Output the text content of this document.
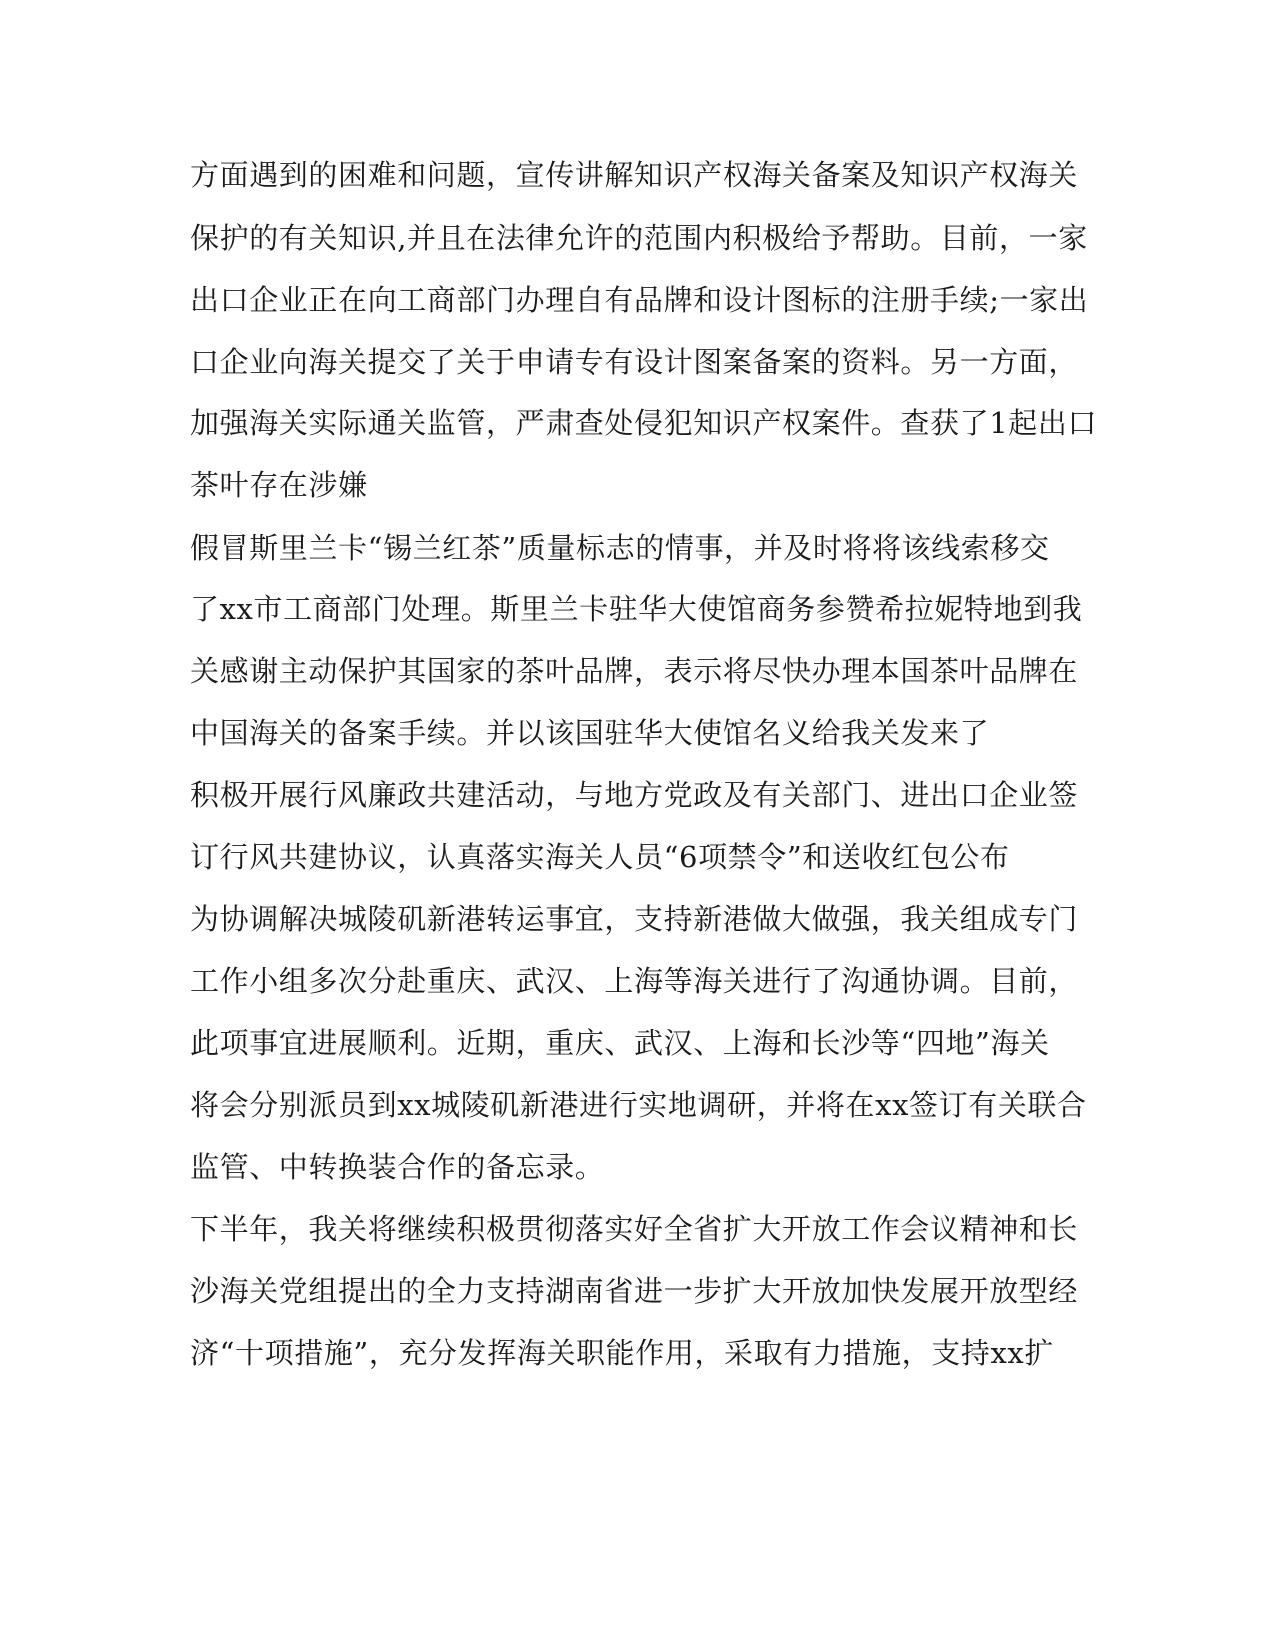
方面遇到的困难和问题，宣传讲解知识产权海关备案及知识产权海关
保护的有关知识,并且在法律允许的范围内积极给予帮助。目前，一家
出口企业正在向工商部门办理自有品牌和设计图标的注册手续;一家出
口企业向海关提交了关于申请专有设计图案备案的资料。另一方面，
加强海关实际通关监管，严肃查处侵犯知识产权案件。查获了1起出口
茶叶存在涉嫌
假冒斯里兰卡“锡兰红茶”质量标志的情事，并及时将将该线索移交
了xx市工商部门处理。斯里兰卡驻华大使馆商务参赞希拉妮特地到我
关感谢主动保护其国家的茶叶品牌，表示将尽快办理本国茶叶品牌在
中国海关的备案手续。并以该国驻华大使馆名义给我关发来了
积极开展行风廉政共建活动，与地方党政及有关部门、进出口企业签
订行风共建协议，认真落实海关人员“6项禁令”和送收红包公布
为协调解决城陵矶新港转运事宜，支持新港做大做强，我关组成专门
工作小组多次分赴重庆、武汉、上海等海关进行了沟通协调。目前，
此项事宜进展顺利。近期，重庆、武汉、上海和长沙等“四地”海关
将会分别派员到xx城陵矶新港进行实地调研，并将在xx签订有关联合
监管、中转换装合作的备忘录。
下半年，我关将继续积极贯彻落实好全省扩大开放工作会议精神和长
沙海关党组提出的全力支持湖南省进一步扩大开放加快发展开放型经
济“十项措施”，充分发挥海关职能作用，采取有力措施，支持xx扩
